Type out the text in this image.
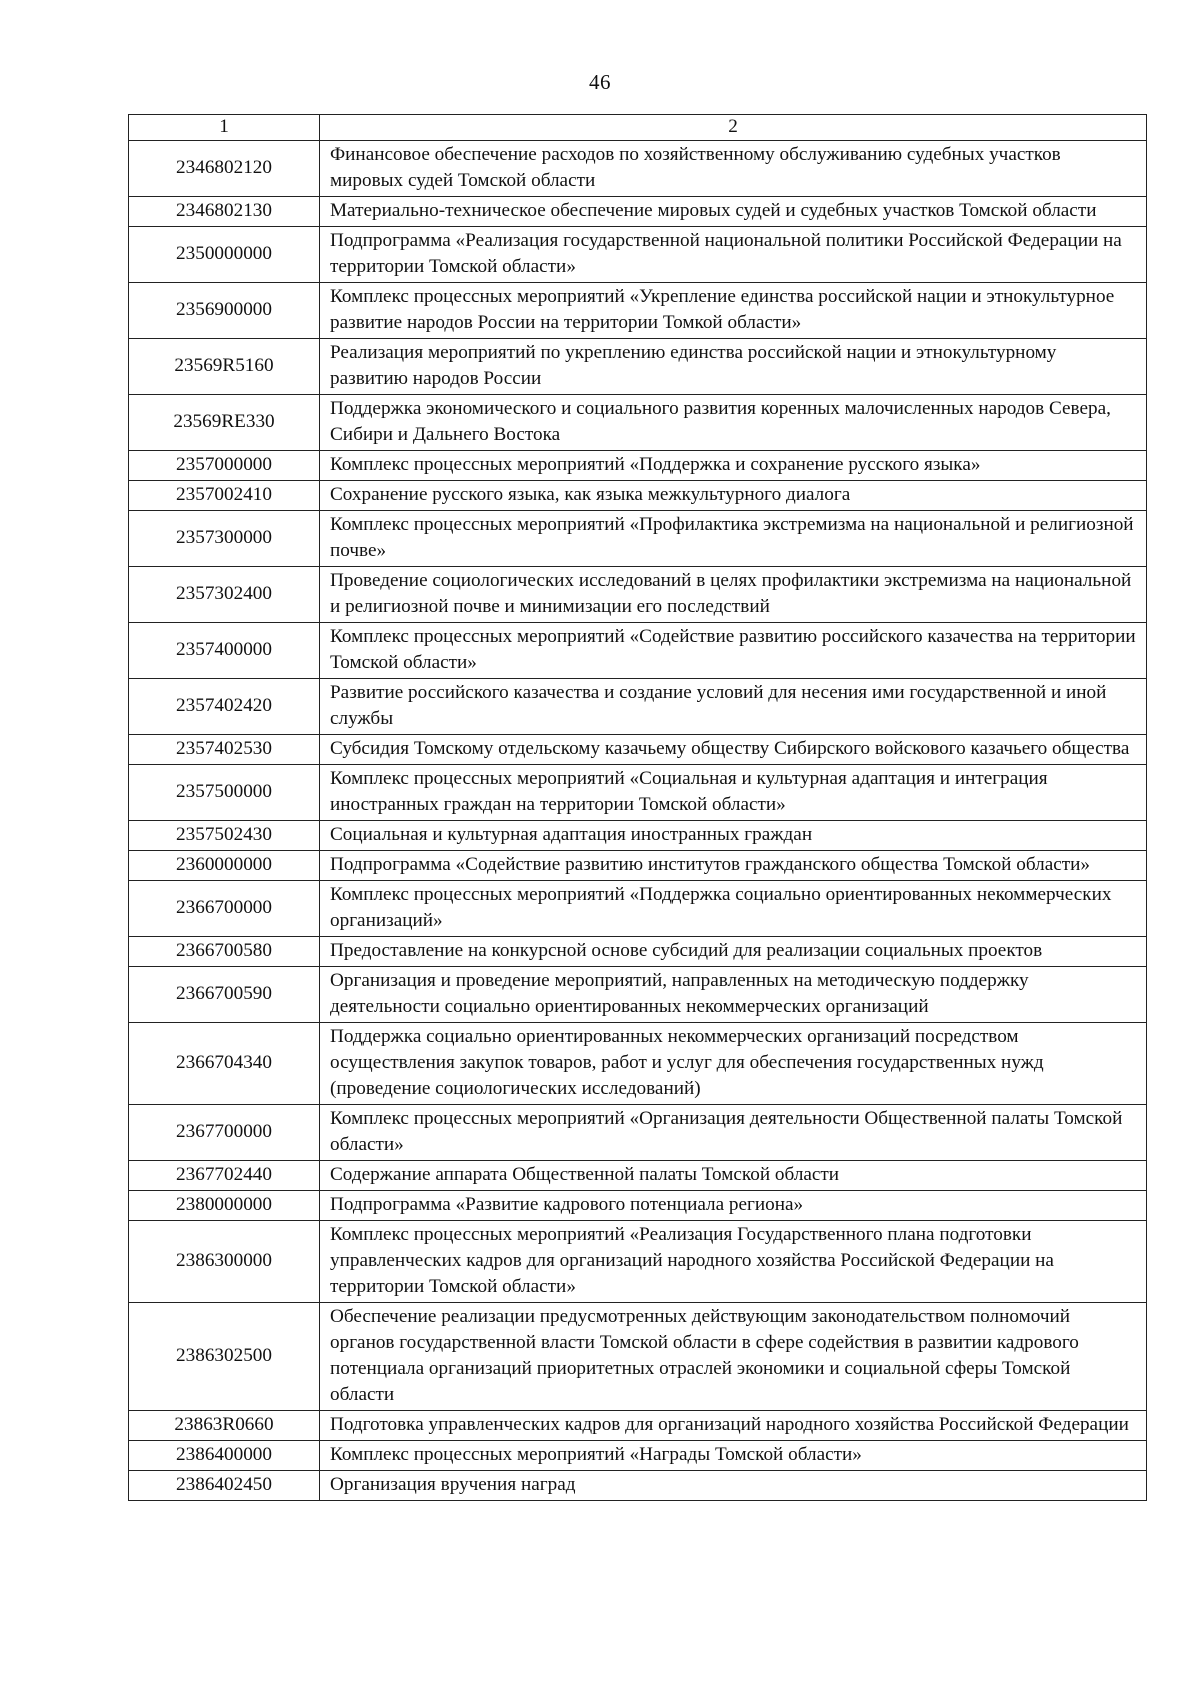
46
1	2
2346802120	Финансовое обеспечение расходов по хозяйственному обслуживанию судебных участков мировых судей Томской области
2346802130	Материально-техническое обеспечение мировых судей и судебных участков Томской области
2350000000	Подпрограмма «Реализация государственной национальной политики Российской Федерации на территории Томской области»
2356900000	Комплекс процессных мероприятий «Укрепление единства российской нации и этнокультурное развитие народов России на территории Томкой области»
23569R5160	Реализация мероприятий по укреплению единства российской нации и этнокультурному развитию народов России
23569RE330	Поддержка экономического и социального развития коренных малочисленных народов Севера, Сибири и Дальнего Востока
2357000000	Комплекс процессных мероприятий «Поддержка и сохранение русского языка»
2357002410	Сохранение русского языка, как языка межкультурного диалога
2357300000	Комплекс процессных мероприятий «Профилактика экстремизма на национальной и религиозной почве»
2357302400	Проведение социологических исследований в целях профилактики экстремизма на национальной и религиозной почве и минимизации его последствий
2357400000	Комплекс процессных мероприятий «Содействие развитию российского казачества на территории Томской области»
2357402420	Развитие российского казачества и создание условий для несения ими государственной и иной службы
2357402530	Субсидия Томскому отдельскому казачьему обществу Сибирского войскового казачьего общества
2357500000	Комплекс процессных мероприятий «Социальная и культурная адаптация и интеграция иностранных граждан на территории Томской области»
2357502430	Социальная и культурная адаптация иностранных граждан
2360000000	Подпрограмма «Содействие развитию институтов гражданского общества Томской области»
2366700000	Комплекс процессных мероприятий «Поддержка социально ориентированных некоммерческих организаций»
2366700580	Предоставление на конкурсной основе субсидий для реализации социальных проектов
2366700590	Организация и проведение мероприятий, направленных на методическую поддержку деятельности социально ориентированных некоммерческих организаций
2366704340	Поддержка социально ориентированных некоммерческих организаций посредством осуществления закупок товаров, работ и услуг для обеспечения государственных нужд (проведение социологических исследований)
2367700000	Комплекс процессных мероприятий «Организация деятельности Общественной палаты Томской области»
2367702440	Содержание аппарата Общественной палаты Томской области
2380000000	Подпрограмма «Развитие кадрового потенциала региона»
2386300000	Комплекс процессных мероприятий «Реализация Государственного плана подготовки управленческих кадров для организаций народного хозяйства Российской Федерации на территории Томской области»
2386302500	Обеспечение реализации предусмотренных действующим законодательством полномочий органов государственной власти Томской области в сфере содействия в развитии кадрового потенциала организаций приоритетных отраслей экономики и социальной сферы Томской области
23863R0660	Подготовка управленческих кадров для организаций народного хозяйства Российской Федерации
2386400000	Комплекс процессных мероприятий «Награды Томской области»
2386402450	Организация вручения наград
